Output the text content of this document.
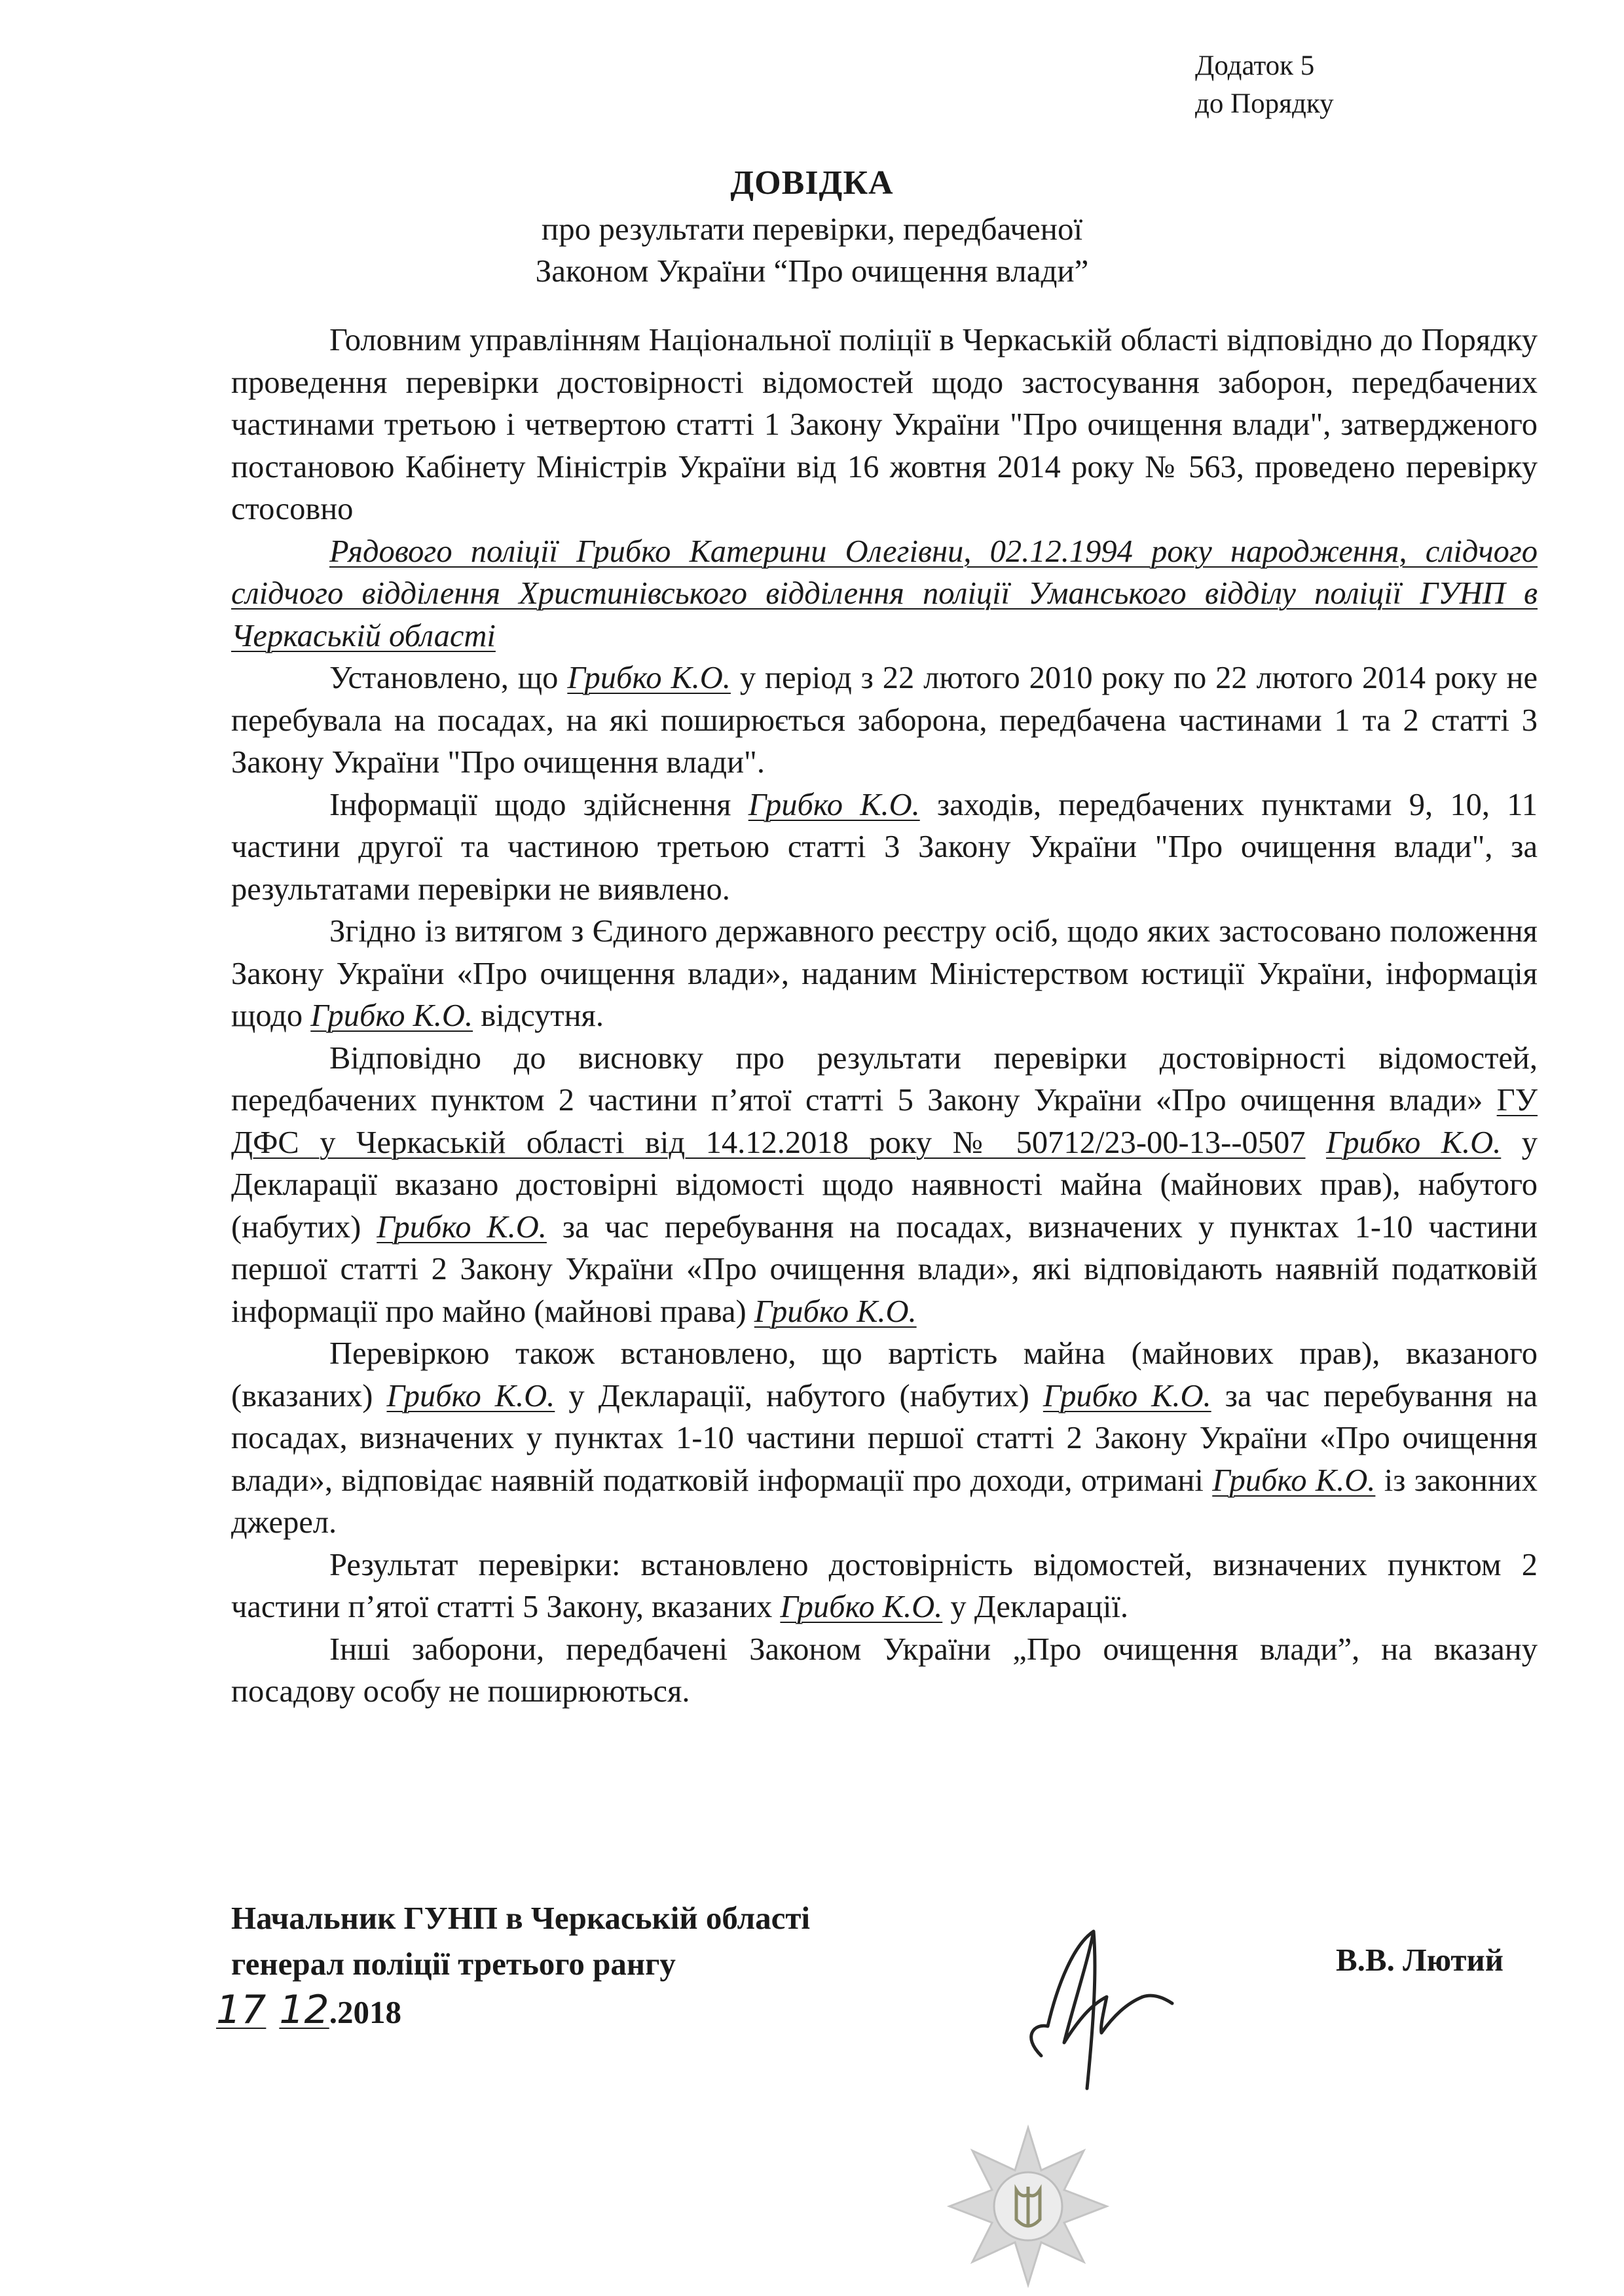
Додаток 5
до Порядку
ДОВІДКА
про результати перевірки, передбаченої
Законом України “Про очищення влади”

Головним управлінням Національної поліції в Черкаській області відповідно до Порядку проведення перевірки достовірності відомостей щодо застосування заборон, передбачених частинами третьою і четвертою статті 1 Закону України "Про очищення влади", затвердженого постановою Кабінету Міністрів України від 16 жовтня 2014 року № 563, проведено перевірку стосовно

Рядового поліції Грибко Катерини Олегівни, 02.12.1994 року народження, слідчого слідчого відділення Христинівського відділення поліції Уманського відділу поліції ГУНП в Черкаській області

Установлено, що Грибко К.О. у період з 22 лютого 2010 року по 22 лютого 2014 року не перебувала на посадах, на які поширюється заборона, передбачена частинами 1 та 2 статті 3 Закону України "Про очищення влади".

Інформації щодо здійснення Грибко К.О. заходів, передбачених пунктами 9, 10, 11 частини другої та частиною третьою статті 3 Закону України "Про очищення влади", за результатами перевірки не виявлено.

Згідно із витягом з Єдиного державного реєстру осіб, щодо яких застосовано положення Закону України «Про очищення влади», наданим Міністерством юстиції України, інформація щодо Грибко К.О. відсутня.

Відповідно до висновку про результати перевірки достовірності відомостей, передбачених пунктом 2 частини п’ятої статті 5 Закону України «Про очищення влади» ГУ ДФС у Черкаській області від 14.12.2018 року № 50712/23-00-13--0507 Грибко К.О. у Декларації вказано достовірні відомості щодо наявності майна (майнових прав), набутого (набутих) Грибко К.О. за час перебування на посадах, визначених у пунктах 1-10 частини першої статті 2 Закону України «Про очищення влади», які відповідають наявній податковій інформації про майно (майнові права) Грибко К.О.

Перевіркою також встановлено, що вартість майна (майнових прав), вказаного (вказаних) Грибко К.О. у Декларації, набутого (набутих) Грибко К.О. за час перебування на посадах, визначених у пунктах 1-10 частини першої статті 2 Закону України «Про очищення влади», відповідає наявній податковій інформації про доходи, отримані Грибко К.О. із законних джерел.

Результат перевірки: встановлено достовірність відомостей, визначених пунктом 2 частини п’ятої статті 5 Закону, вказаних Грибко К.О. у Декларації.

Інші заборони, передбачені Законом України „Про очищення влади”, на вказану посадову особу не поширюються.

Начальник ГУНП в Черкаській області
генерал поліції третього рангу
17 12.2018
В.В. Лютий
